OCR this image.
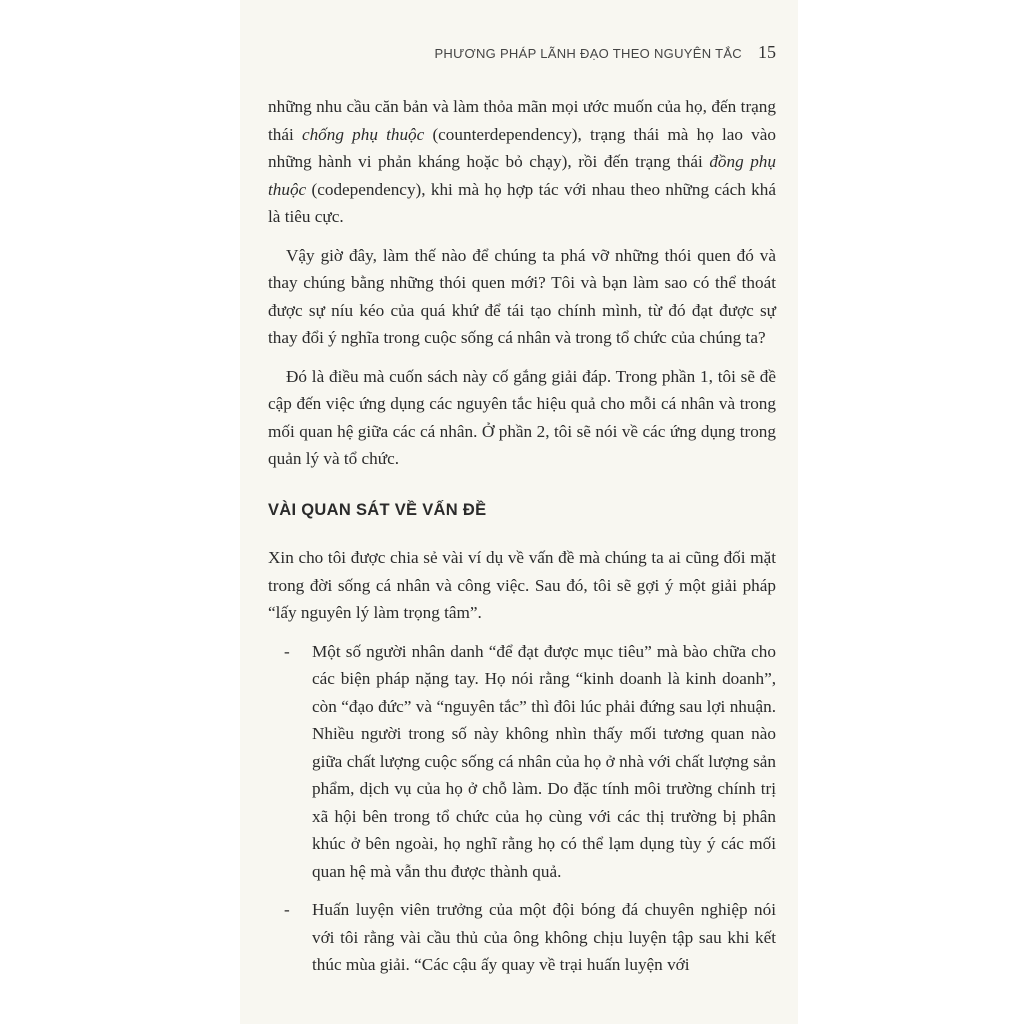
PHƯƠNG PHÁP LÃNH ĐẠO THEO NGUYÊN TẮC 15

những nhu cầu căn bản và làm thỏa mãn mọi ước muốn của họ, đến trạng thái chống phụ thuộc (counterdependency), trạng thái mà họ lao vào những hành vi phản kháng hoặc bỏ chạy), rồi đến trạng thái đồng phụ thuộc (codependency), khi mà họ hợp tác với nhau theo những cách khá là tiêu cực.

Vậy giờ đây, làm thế nào để chúng ta phá vỡ những thói quen đó và thay chúng bằng những thói quen mới? Tôi và bạn làm sao có thể thoát được sự níu kéo của quá khứ để tái tạo chính mình, từ đó đạt được sự thay đổi ý nghĩa trong cuộc sống cá nhân và trong tổ chức của chúng ta?

Đó là điều mà cuốn sách này cố gắng giải đáp. Trong phần 1, tôi sẽ đề cập đến việc ứng dụng các nguyên tắc hiệu quả cho mỗi cá nhân và trong mối quan hệ giữa các cá nhân. Ở phần 2, tôi sẽ nói về các ứng dụng trong quản lý và tổ chức.

VÀI QUAN SÁT VỀ VẤN ĐỀ

Xin cho tôi được chia sẻ vài ví dụ về vấn đề mà chúng ta ai cũng đối mặt trong đời sống cá nhân và công việc. Sau đó, tôi sẽ gợi ý một giải pháp “lấy nguyên lý làm trọng tâm”.

-	Một số người nhân danh “để đạt được mục tiêu” mà bào chữa cho các biện pháp nặng tay. Họ nói rằng “kinh doanh là kinh doanh”, còn “đạo đức” và “nguyên tắc” thì đôi lúc phải đứng sau lợi nhuận. Nhiều người trong số này không nhìn thấy mối tương quan nào giữa chất lượng cuộc sống cá nhân của họ ở nhà với chất lượng sản phẩm, dịch vụ của họ ở chỗ làm. Do đặc tính môi trường chính trị xã hội bên trong tổ chức của họ cùng với các thị trường bị phân khúc ở bên ngoài, họ nghĩ rằng họ có thể lạm dụng tùy ý các mối quan hệ mà vẫn thu được thành quả.
-	Huấn luyện viên trưởng của một đội bóng đá chuyên nghiệp nói với tôi rằng vài cầu thủ của ông không chịu luyện tập sau khi kết thúc mùa giải. “Các cậu ấy quay về trại huấn luyện với
